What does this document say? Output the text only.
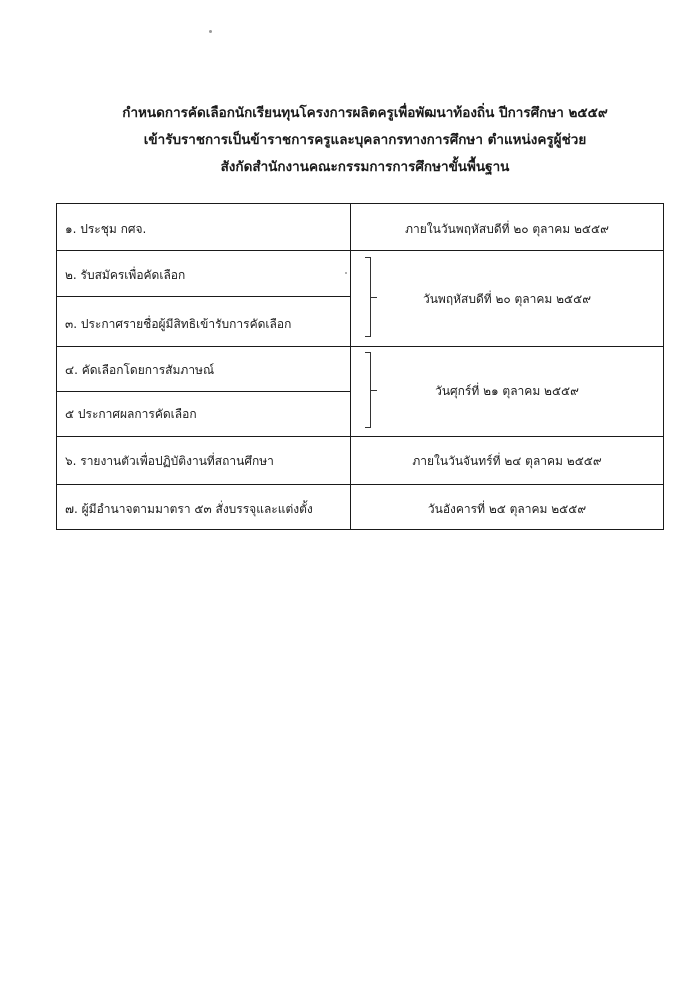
กำหนดการคัดเลือกนักเรียนทุนโครงการผลิตครูเพื่อพัฒนาท้องถิ่น ปีการศึกษา ๒๕๕๙
เข้ารับราชการเป็นข้าราชการครูและบุคลากรทางการศึกษา ตำแหน่งครูผู้ช่วย
สังกัดสำนักงานคณะกรรมการการศึกษาขั้นพื้นฐาน
๑. ประชุม กศจ.
๒. รับสมัครเพื่อคัดเลือก
๓. ประกาศรายชื่อผู้มีสิทธิเข้ารับการคัดเลือก
๔. คัดเลือกโดยการสัมภาษณ์
๕ ประกาศผลการคัดเลือก
๖. รายงานตัวเพื่อปฏิบัติงานที่สถานศึกษา
๗. ผู้มีอำนาจตามมาตรา ๕๓ สั่งบรรจุและแต่งตั้ง
ภายในวันพฤหัสบดีที่ ๒๐ ตุลาคม ๒๕๕๙
วันพฤหัสบดีที่ ๒๐ ตุลาคม ๒๕๕๙
วันศุกร์ที่ ๒๑ ตุลาคม ๒๕๕๙
ภายในวันจันทร์ที่ ๒๔ ตุลาคม ๒๕๕๙
วันอังคารที่ ๒๕ ตุลาคม ๒๕๕๙
